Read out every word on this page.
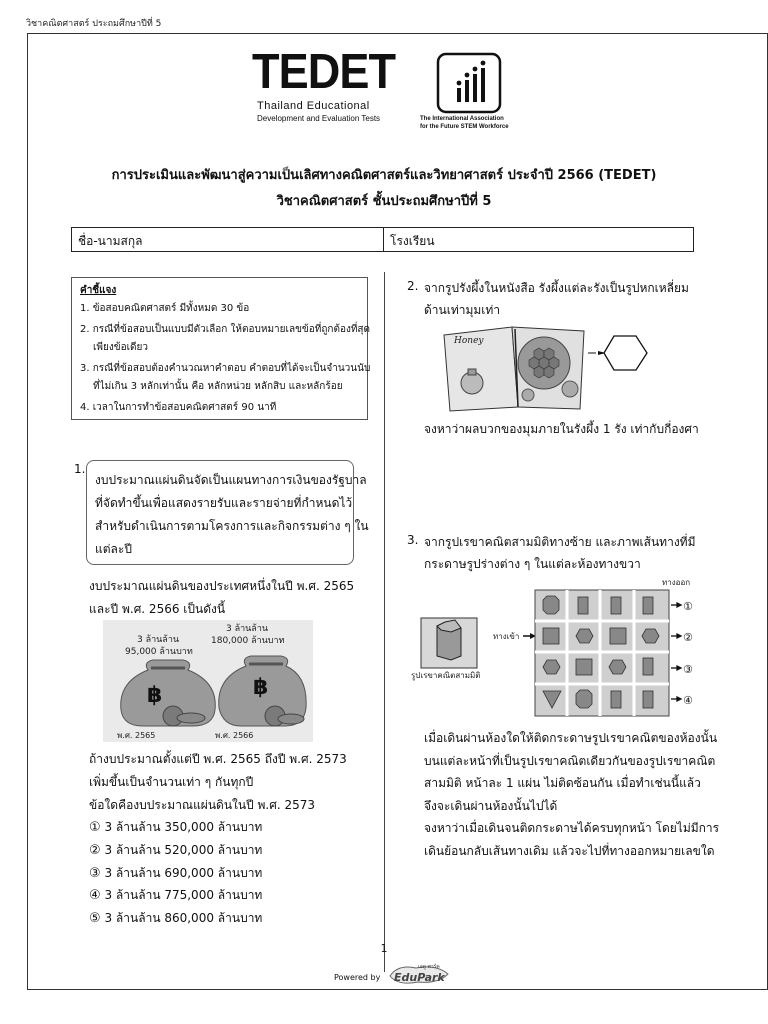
วิชาคณิตศาสตร์ ประถมศึกษาปีที่ 5
TEDET
Thailand Educational
Development and Evaluation Tests	The International Association
for the Future STEM Workforce
การประเมินและพัฒนาสู่ความเป็นเลิศทางคณิตศาสตร์และวิทยาศาสตร์ ประจำปี 2566 (TEDET)
วิชาคณิตศาสตร์ ชั้นประถมศึกษาปีที่ 5
ชื่อ-นามสกุล	โรงเรียน
คำชี้แจง
1. ข้อสอบคณิตศาสตร์ มีทั้งหมด 30 ข้อ
2. กรณีที่ข้อสอบเป็นแบบมีตัวเลือก ให้ตอบหมายเลขข้อที่ถูกต้องที่สุด
เพียงข้อเดียว
3. กรณีที่ข้อสอบต้องคำนวณหาคำตอบ คำตอบที่ได้จะเป็นจำนวนนับ
ที่ไม่เกิน 3 หลักเท่านั้น คือ หลักหน่วย หลักสิบ และหลักร้อย
4. เวลาในการทำข้อสอบคณิตศาสตร์ 90 นาที
1.
งบประมาณแผ่นดินจัดเป็นแผนทางการเงินของรัฐบาล
ที่จัดทำขึ้นเพื่อแสดงรายรับและรายจ่ายที่กำหนดไว้
สำหรับดำเนินการตามโครงการและกิจกรรมต่าง ๆ ใน
แต่ละปี
งบประมาณแผ่นดินของประเทศหนึ่งในปี พ.ศ. 2565
และปี พ.ศ. 2566 เป็นดังนี้
3 ล้านล้าน
95,000 ล้านบาท
3 ล้านล้าน
180,000 ล้านบาท
฿	฿
พ.ศ. 2565	พ.ศ. 2566
ถ้างบประมาณตั้งแต่ปี พ.ศ. 2565 ถึงปี พ.ศ. 2573
เพิ่มขึ้นเป็นจำนวนเท่า ๆ กันทุกปี
ข้อใดคืองบประมาณแผ่นดินในปี พ.ศ. 2573
① 3 ล้านล้าน 350,000 ล้านบาท
② 3 ล้านล้าน 520,000 ล้านบาท
③ 3 ล้านล้าน 690,000 ล้านบาท
④ 3 ล้านล้าน 775,000 ล้านบาท
⑤ 3 ล้านล้าน 860,000 ล้านบาท
2. จากรูปรังผึ้งในหนังสือ รังผึ้งแต่ละรังเป็นรูปหกเหลี่ยม
ด้านเท่ามุมเท่า
Honey
จงหาว่าผลบวกของมุมภายในรังผึ้ง 1 รัง เท่ากับกี่องศา
3. จากรูปเรขาคณิตสามมิติทางซ้าย และภาพเส้นทางที่มี
กระดาษรูปร่างต่าง ๆ ในแต่ละห้องทางขวา
รูปเรขาคณิตสามมิติ
ทางเข้า
ทางออก
①
②
③
④
เมื่อเดินผ่านห้องใดให้ติดกระดาษรูปเรขาคณิตของห้องนั้น
บนแต่ละหน้าที่เป็นรูปเรขาคณิตเดียวกันของรูปเรขาคณิต
สามมิติ หน้าละ 1 แผ่น ไม่ติดซ้อนกัน เมื่อทำเช่นนี้แล้ว
จึงจะเดินผ่านห้องนั้นไปได้
จงหาว่าเมื่อเดินจนติดกระดาษได้ครบทุกหน้า โดยไม่มีการ
เดินย้อนกลับเส้นทางเดิม แล้วจะไปที่ทางออกหมายเลขใด
1
Powered by
เอดู พาร์ค
EduPark
